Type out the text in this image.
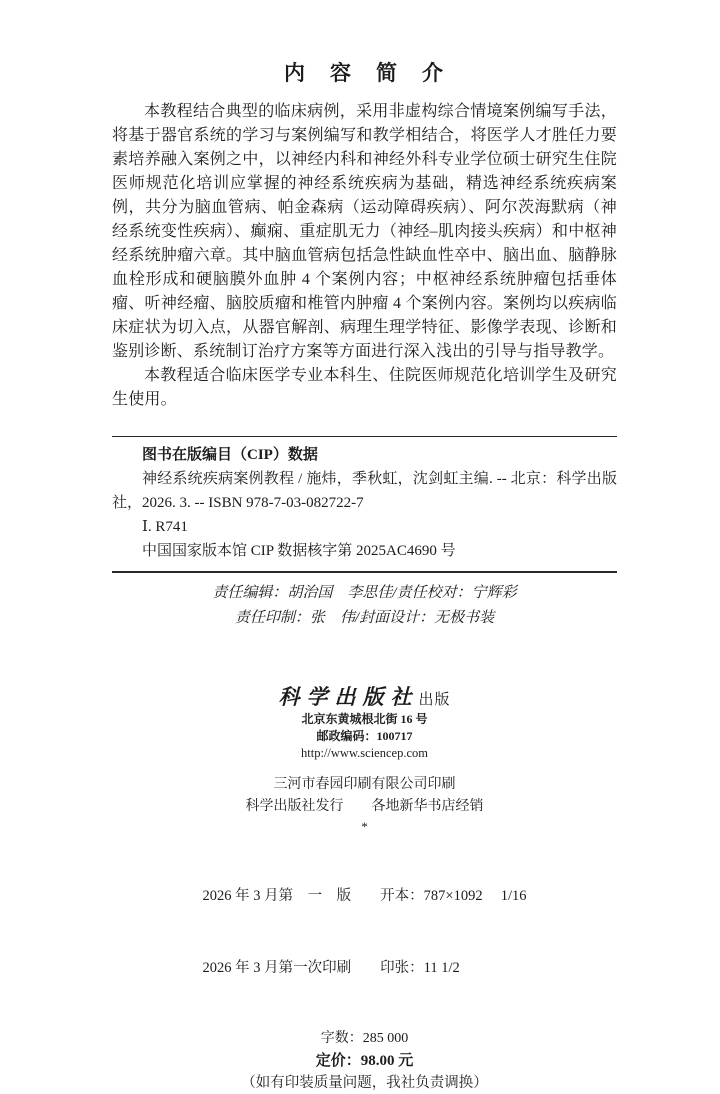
内　容　简　介

本教程结合典型的临床病例，采用非虚构综合情境案例编写手法，将基于器官系统的学习与案例编写和教学相结合，将医学人才胜任力要素培养融入案例之中，以神经内科和神经外科专业学位硕士研究生住院医师规范化培训应掌握的神经系统疾病为基础，精选神经系统疾病案例，共分为脑血管病、帕金森病（运动障碍疾病）、阿尔茨海默病（神经系统变性疾病）、癫痫、重症肌无力（神经–肌肉接头疾病）和中枢神经系统肿瘤六章。其中脑血管病包括急性缺血性卒中、脑出血、脑静脉血栓形成和硬脑膜外血肿 4 个案例内容；中枢神经系统肿瘤包括垂体瘤、听神经瘤、脑胶质瘤和椎管内肿瘤 4 个案例内容。案例均以疾病临床症状为切入点，从器官解剖、病理生理学特征、影像学表现、诊断和鉴别诊断、系统制订治疗方案等方面进行深入浅出的引导与指导教学。

本教程适合临床医学专业本科生、住院医师规范化培训学生及研究生使用。

图书在版编目（CIP）数据

神经系统疾病案例教程 / 施炜，季秋虹，沈剑虹主编. -- 北京：科学出版社，2026. 3. -- ISBN 978-7-03-082722-7

Ⅰ. R741

中国国家版本馆 CIP 数据核字第 2025AC4690 号

责任编辑：胡治国　李思佳/责任校对：宁辉彩
责任印制：张　伟/封面设计：无极书装
科学出版社出版
北京东黄城根北街 16 号
邮政编码：100717
http://www.sciencep.com
三河市春园印刷有限公司印刷
科学出版社发行　　各地新华书店经销
*

2026 年 3 月第　一　版　　开本：787×1092　 1/16

2026 年 3 月第一次印刷　　印张：11 1/2

字数：285 000
定价：98.00 元
（如有印装质量问题，我社负责调换）
